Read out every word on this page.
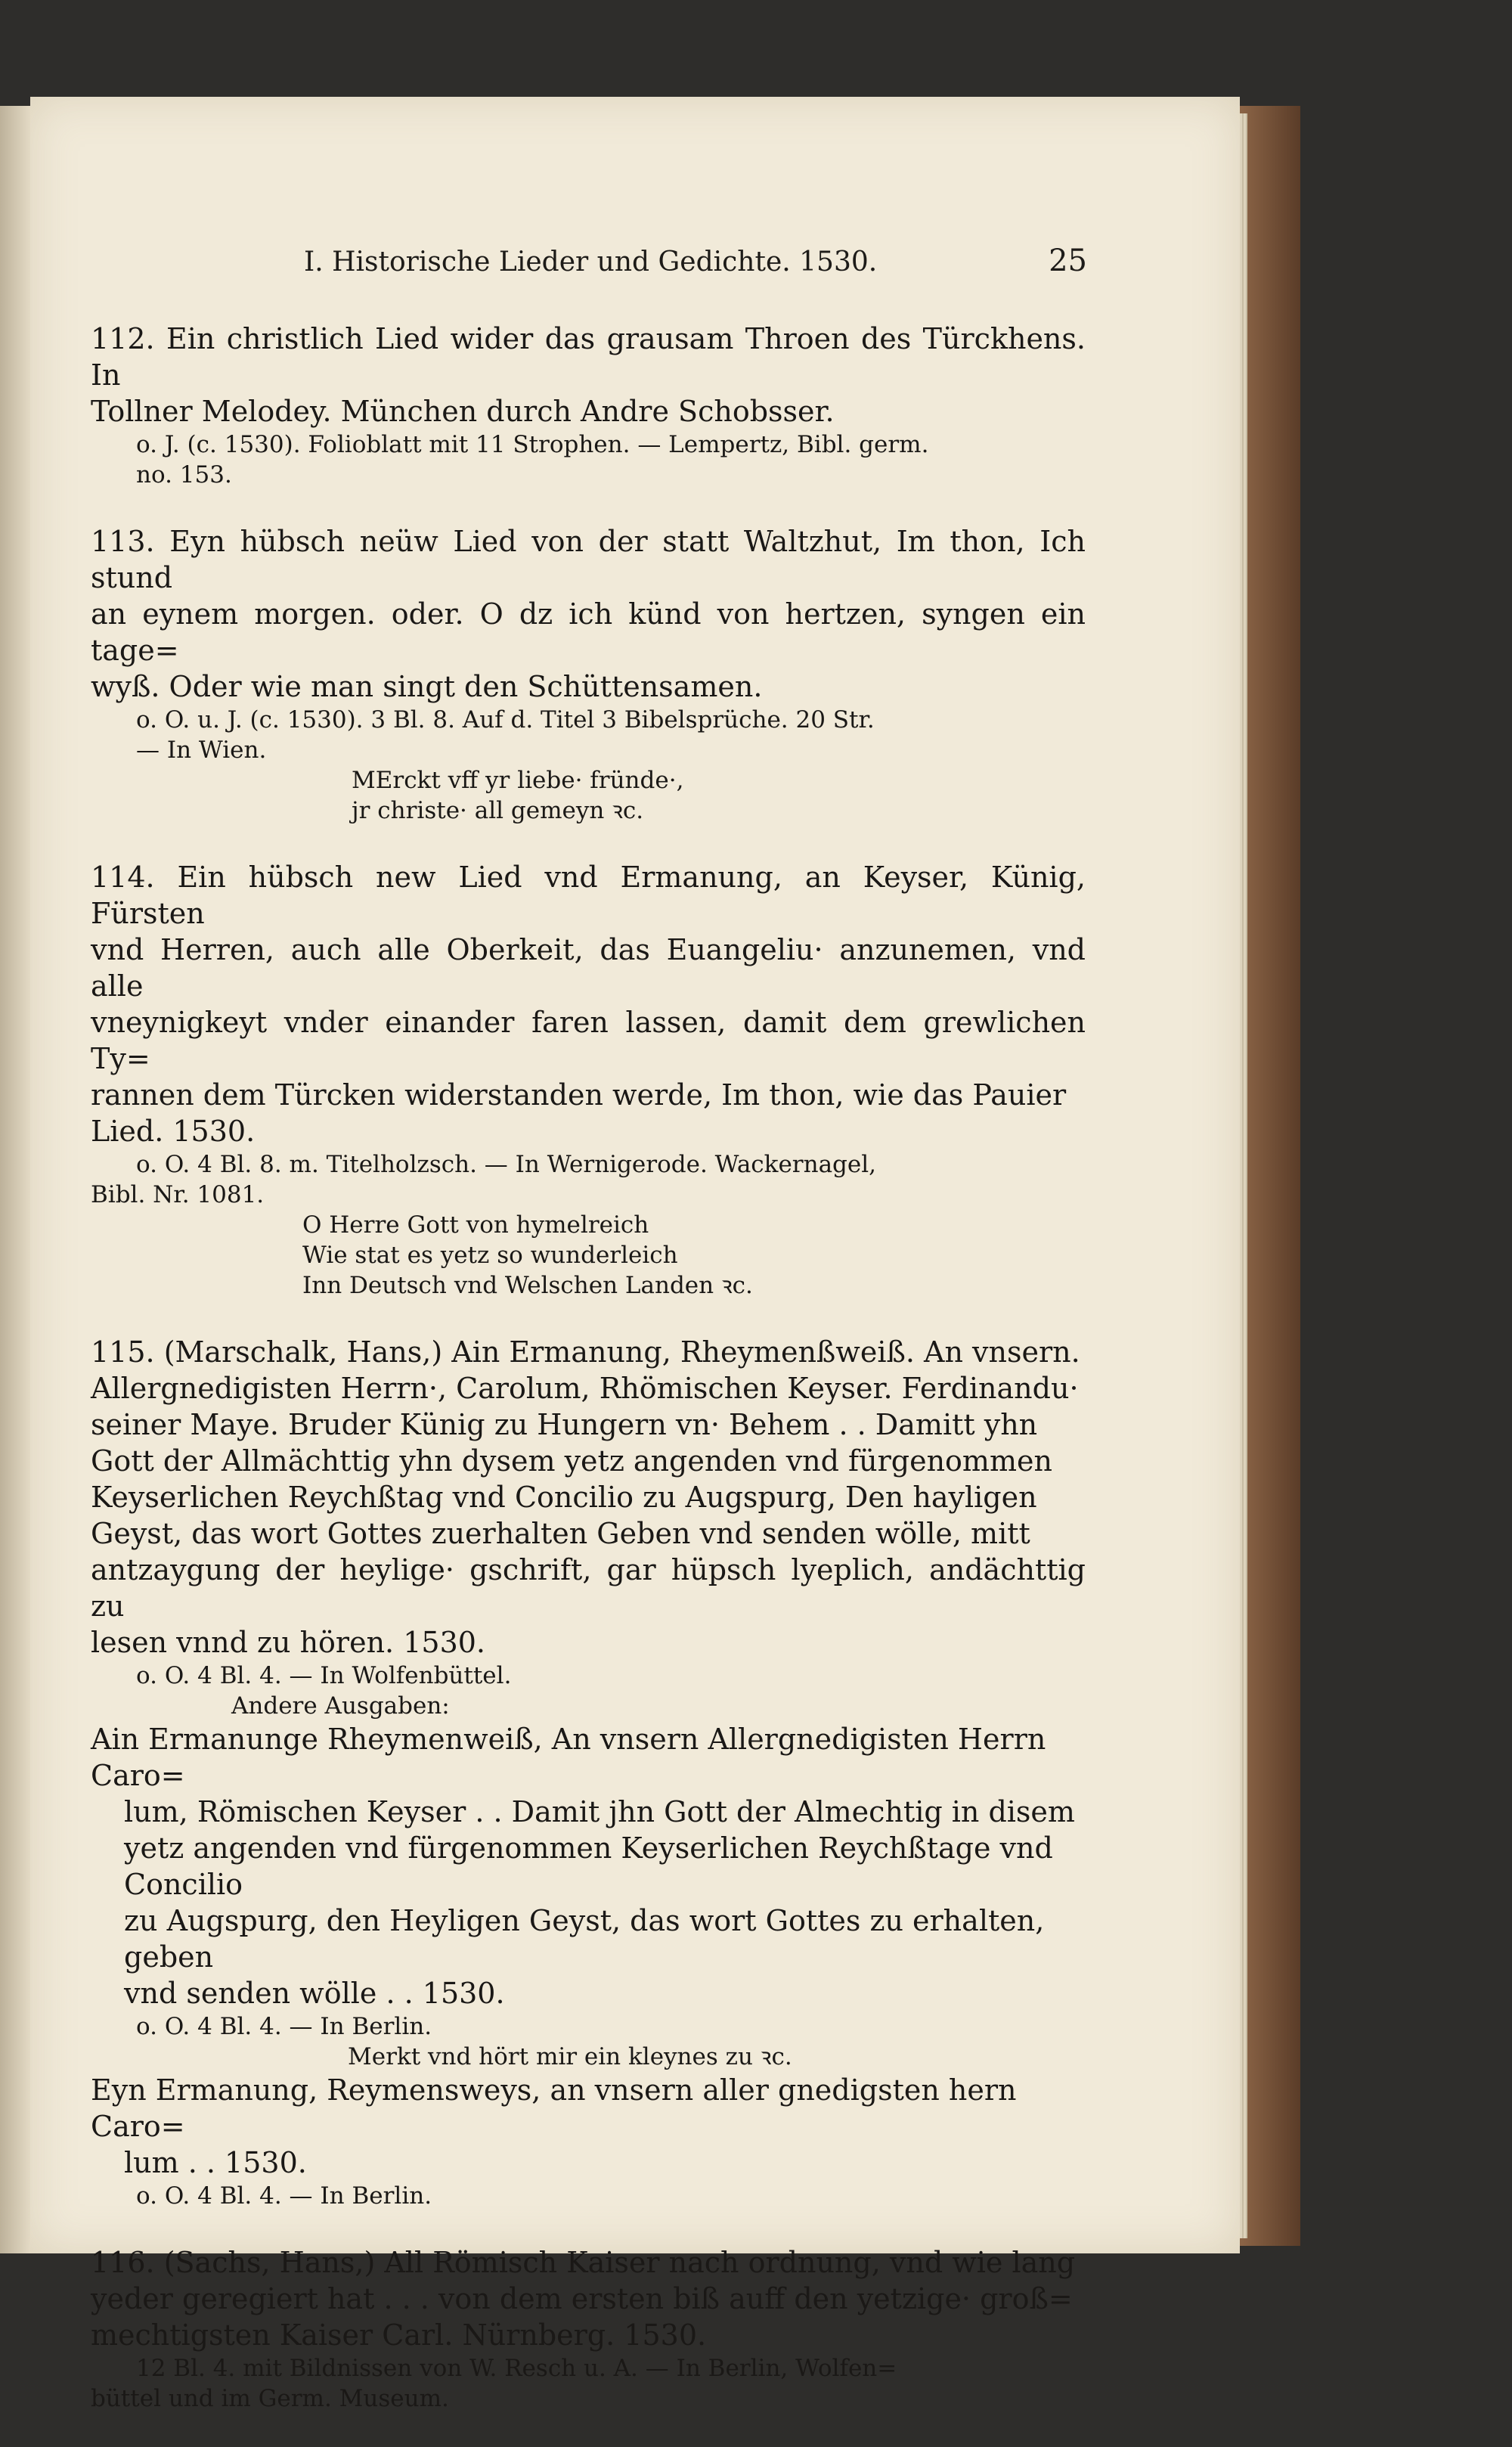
I. Historische Lieder und Gedichte. 1530.	25
112. Ein christlich Lied wider das grausam Throen des Türckhens. In
Tollner Melodey. München durch Andre Schobsser.
o. J. (c. 1530). Folioblatt mit 11 Strophen. — Lempertz, Bibl. germ.
no. 153.
113. Eyn hübsch neüw Lied von der statt Waltzhut, Im thon, Ich stund
an eynem morgen. oder. O dz ich künd von hertzen, syngen ein tage=
wyß. Oder wie man singt den Schüttensamen.
o. O. u. J. (c. 1530). 3 Bl. 8. Auf d. Titel 3 Bibelsprüche. 20 Str.
— In Wien.
MErckt vff yr liebe· fründe·,
jr christe· all gemeyn ꝛc.
114. Ein hübsch new Lied vnd Ermanung, an Keyser, Künig, Fürsten
vnd Herren, auch alle Oberkeit, das Euangeliu· anzunemen, vnd alle
vneynigkeyt vnder einander faren lassen, damit dem grewlichen Ty=
rannen dem Türcken widerstanden werde, Im thon, wie das Pauier
Lied. 1530.
o. O. 4 Bl. 8. m. Titelholzsch. — In Wernigerode. Wackernagel,
Bibl. Nr. 1081.
O Herre Gott von hymelreich
Wie stat es yetz so wunderleich
Inn Deutsch vnd Welschen Landen ꝛc.
115. (Marschalk, Hans,) Ain Ermanung, Rheymenßweiß. An vnsern.
Allergnedigisten Herrn·, Carolum, Rhömischen Keyser. Ferdinandu·
seiner Maye. Bruder Künig zu Hungern vn· Behem . . Damitt yhn
Gott der Allmächttig yhn dysem yetz angenden vnd fürgenommen
Keyserlichen Reychßtag vnd Concilio zu Augspurg, Den hayligen
Geyst, das wort Gottes zuerhalten Geben vnd senden wölle, mitt
antzaygung der heylige· gschrift, gar hüpsch lyeplich, andächttig zu
lesen vnnd zu hören. 1530.
o. O. 4 Bl. 4. — In Wolfenbüttel.
Andere Ausgaben:
Ain Ermanunge Rheymenweiß, An vnsern Allergnedigisten Herrn Caro=
lum, Römischen Keyser . . Damit jhn Gott der Almechtig in disem
yetz angenden vnd fürgenommen Keyserlichen Reychßtage vnd Concilio
zu Augspurg, den Heyligen Geyst, das wort Gottes zu erhalten, geben
vnd senden wölle . . 1530.
o. O. 4 Bl. 4. — In Berlin.
Merkt vnd hört mir ein kleynes zu ꝛc.
Eyn Ermanung, Reymensweys, an vnsern aller gnedigsten hern Caro=
lum . . 1530.
o. O. 4 Bl. 4. — In Berlin.
116. (Sachs, Hans,) All Römisch Kaiser nach ordnung, vnd wie lang
yeder geregiert hat . . . von dem ersten biß auff den yetzige· groß=
mechtigsten Kaiser Carl. Nürnberg. 1530.
12 Bl. 4. mit Bildnissen von W. Resch u. A. — In Berlin, Wolfen=
büttel und im Germ. Museum.
